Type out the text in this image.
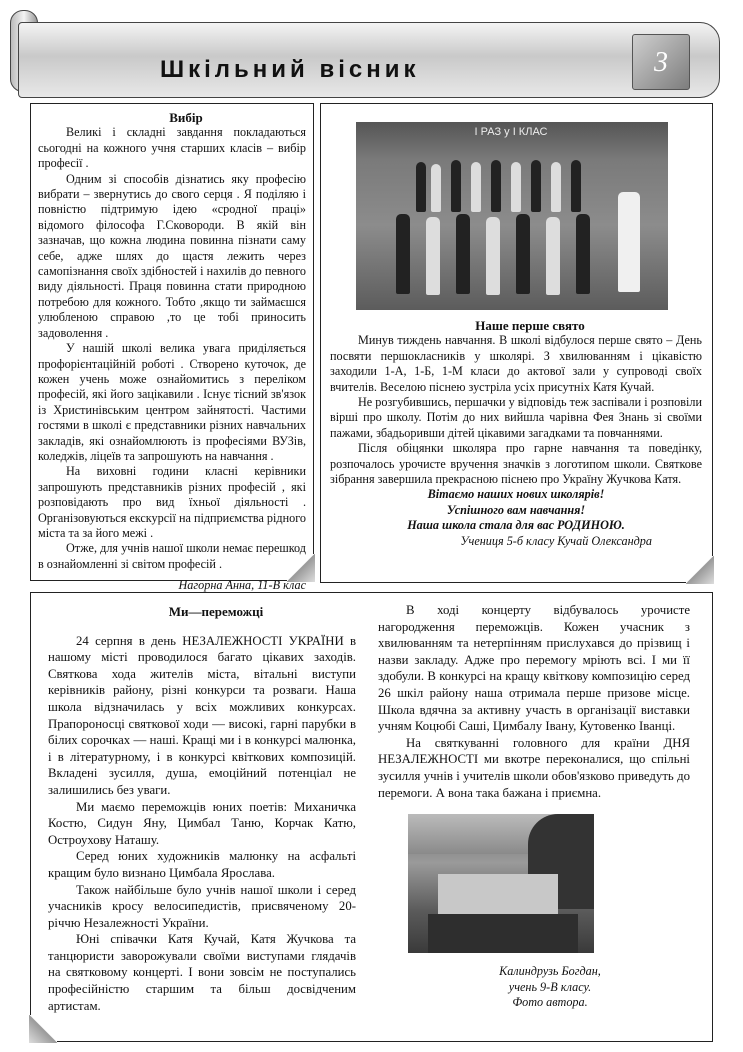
Шкільний вісник	3

Вибір

Великі і складні завдання покладаються сьогодні на кожного учня старших класів – вибір професії .

Одним зі способів дізнатись яку професію вибрати – звернутись до свого серця . Я поділяю і повністю підтримую ідею «сродної праці» відомого філософа Г.Сковороди. В якій він зазначав, що кожна людина повинна пізнати саму себе, адже шлях до щастя лежить через самопізнання своїх здібностей і нахилів до певного виду діяльності. Праця повинна стати природною потребою для кожного. Тобто ,якщо ти займаєшся улюбленою справою ,то це тобі приносить задоволення .

У нашій школі велика увага приділяється профорієнтаційній роботі . Створено куточок, де кожен учень може ознайомитись з переліком професій, які його зацікавили . Існує тісний зв'язок із Христинівським центром зайнятості. Частими гостями в школі є представники різних навчальних закладів, які ознайомлюють із професіями ВУЗів, коледжів, ліцеїв та запрошують на навчання .

На виховні години класні керівники запрошують представників різних професій , які розповідають про вид їхньої діяльності . Організовуються екскурсії на підприємства рідного міста та за його межі .

Отже, для учнів нашої школи немає перешкод в ознайомленні зі світом професій .

Нагорна Анна, 11-В клас

І РАЗ у І КЛАС

Наше перше свято

Минув тиждень навчання. В школі відбулося перше свято – День посвяти першокласників у школярі. З хвилюванням і цікавістю заходили 1-А, 1-Б, 1-М класи до актової зали у супроводі своїх вчителів. Веселою піснею зустріла усіх присутніх Катя Кучай.

Не розгубившись, першачки у відповідь теж заспівали і розповіли вірші про школу. Потім до них вийшла чарівна Фея Знань зі своїми пажами, збадьоривши дітей цікавими загадками та повчаннями.

Після обіцянки школяра про гарне навчання та поведінку, розпочалось урочисте вручення значків з логотипом школи. Святкове зібрання завершила прекрасною піснею про Україну Жучкова Катя.

Вітаємо наших нових школярів!

Успішного вам навчання!

Наша школа стала для вас РОДИНОЮ.

Учениця 5-б класу Кучай Олександра

Ми—переможці

24 серпня в день НЕЗАЛЕЖНОСТІ УКРАЇНИ в нашому місті проводилося багато цікавих заходів. Святкова хода жителів міста, вітальні виступи керівників району, різні конкурси та розваги. Наша школа відзначилась у всіх можливих конкурсах. Прапороносці святкової ходи — високі, гарні парубки в білих сорочках — наші. Кращі ми і в конкурсі малюнка, і в літературному, і в конкурсі квіткових композицій. Вкладені зусилля, душа, емоційний потенціал не залишились без уваги.

Ми маємо переможців юних поетів: Миханичка Костю, Сидун Яну, Цимбал Таню, Корчак Катю, Остроухову Наташу.

Серед юних художників малюнку на асфальті кращим було визнано Цимбала Ярослава.

Також найбільше було учнів нашої школи і серед учасників кросу велосипедистів, присвяченому 20-річчю Незалежності України.

Юні співачки Катя Кучай, Катя Жучкова та танцюристи заворожували своїми виступами глядачів на святковому концерті. І вони зовсім не поступались професійністю старшим та більш досвідченим артистам.

В ході концерту відбувалось урочисте нагородження переможців. Кожен учасник з хвилюванням та нетерпінням прислухався до прізвищ і назви закладу. Адже про перемогу мріють всі. І ми її здобули. В конкурсі на кращу квіткову композицію серед 26 шкіл району наша отримала перше призове місце. Школа вдячна за активну участь в організації виставки учням Коцюбі Саші, Цимбалу Івану, Кутовенко Іванці.

На святкуванні головного для країни ДНЯ НЕЗАЛЕЖНОСТІ ми вкотре переконалися, що спільні зусилля учнів і учителів школи обов'язково приведуть до перемоги. А вона така бажана і приємна.

Калиндрузь Богдан,
учень 9-В класу.
Фото автора.
